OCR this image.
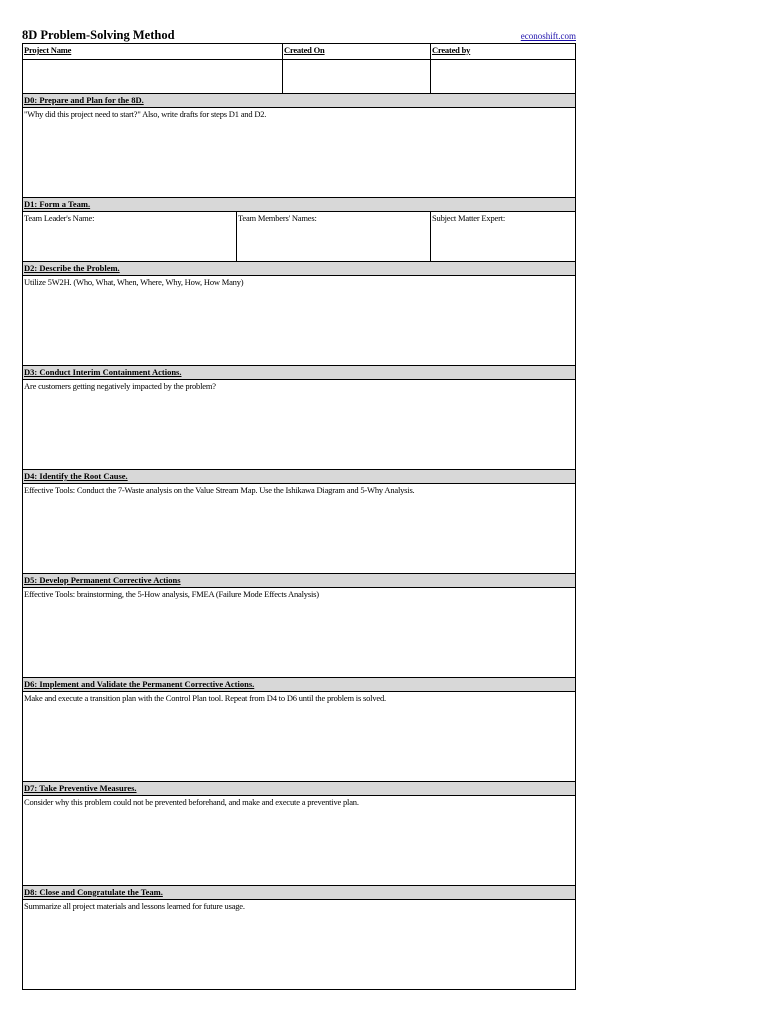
8D Problem-Solving Method	econoshift.com
Project Name	Created On	Created by
D0: Prepare and Plan for the 8D.
"Why did this project need to start?" Also, write drafts for steps D1 and D2.
D1: Form a Team.
Team Leader's Name:	Team Members' Names:	Subject Matter Expert:
D2: Describe the Problem.
Utilize 5W2H. (Who, What, When, Where, Why, How, How Many)
D3: Conduct Interim Containment Actions.
Are customers getting negatively impacted by the problem?
D4: Identify the Root Cause.
Effective Tools: Conduct the 7-Waste analysis on the Value Stream Map. Use the Ishikawa Diagram and 5-Why Analysis.
D5: Develop Permanent Corrective Actions
Effective Tools: brainstorming, the 5-How analysis, FMEA (Failure Mode Effects Analysis)
D6: Implement and Validate the Permanent Corrective Actions.
Make and execute a transition plan with the Control Plan tool. Repeat from D4 to D6 until the problem is solved.
D7: Take Preventive Measures.
Consider why this problem could not be prevented beforehand, and make and execute a preventive plan.
D8: Close and Congratulate the Team.
Summarize all project materials and lessons learned for future usage.
